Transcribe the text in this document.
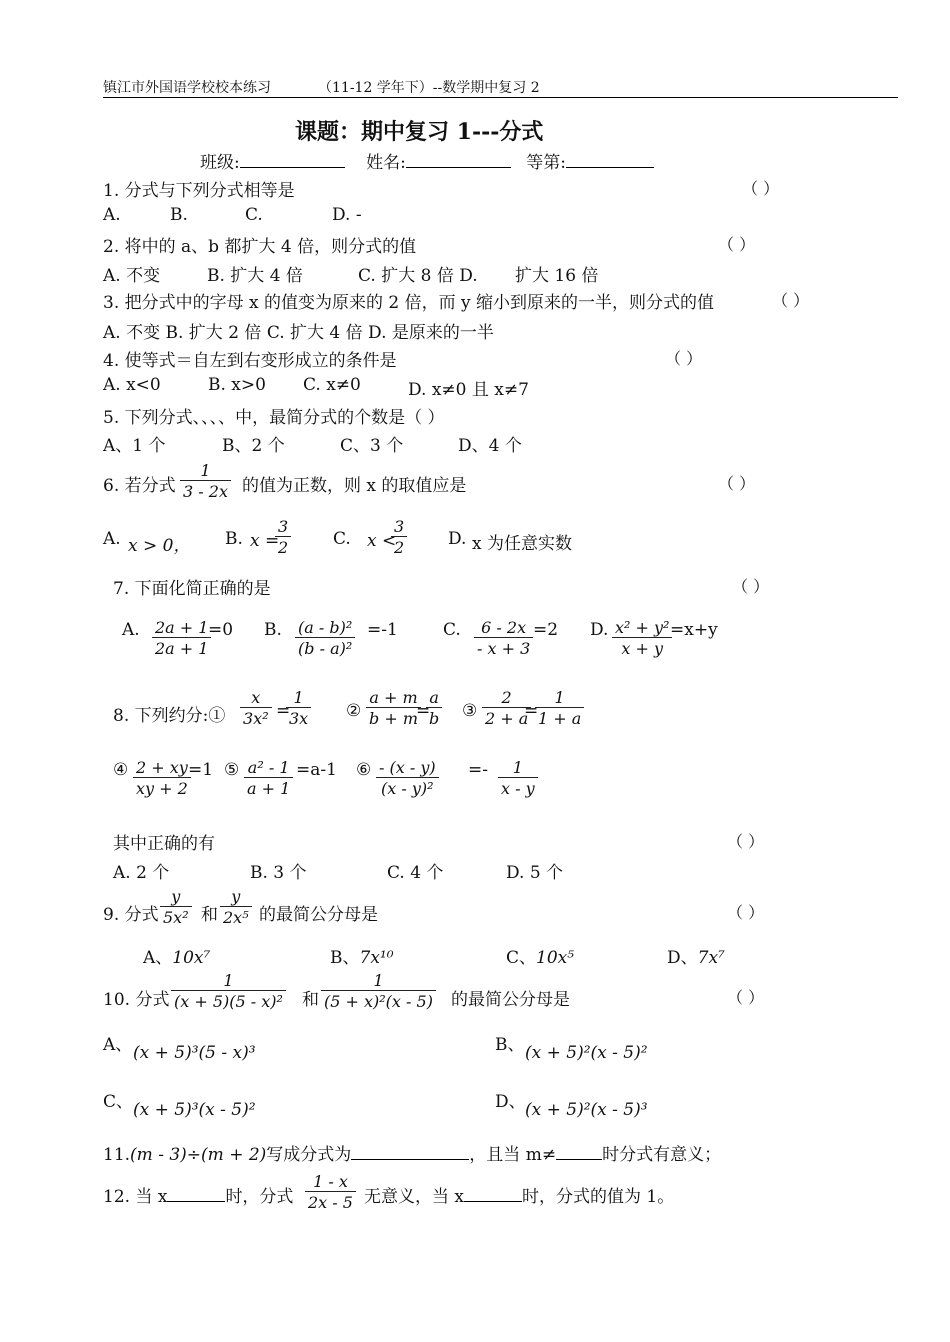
镇江市外国语学校校本练习	（11-12 学年下）--数学期中复习 2
课题：期中复习 1---分式
班级:	姓名:	等第:
1. 分式与下列分式相等是	（ ）
A.	B.	C.	D. -
2. 将中的 a、b 都扩大 4 倍，则分式的值	（ ）
A. 不变	B. 扩大 4 倍	C. 扩大 8 倍 D. 扩大 16 倍
3. 把分式中的字母 x 的值变为原来的 2 倍，而 y 缩小到原来的一半，则分式的值	（ ）
A. 不变 B. 扩大 2 倍 C. 扩大 4 倍 D. 是原来的一半
4. 使等式＝自左到右变形成立的条件是	（ ）
A. x<0	B. x>0 C. x≠0	D. x≠0 且 x≠7
5. 下列分式、、、、中，最简分式的个数是（ ）
A、1 个	B、2 个	C、3 个	D、4 个
6. 若分式
1
3 - 2x 的值为正数，则 x 的取值应是	（ ）
A. x > 0， B. x =
3
2	C. x <
3
2	D. x 为任意实数
7. 下面化简正确的是	（ ）
A. 2a + 1
2a + 1
=0 B. (a - b)²
(b - a)²
=-1	C. 6 - 2x
- x + 3
=2 D. x² + y²
x + y
=x+y
8. 下列约分:①
x
3x² =
1
3x ②
a + m
b + m
=
a
b ③
2
2 + a
=
1
1 + a
④ 2 + xy
xy + 2
=1 ⑤ a² - 1
a + 1
=a-1 ⑥ - (x - y)
(x - y)²
=- 1
x - y
其中正确的有	（ ）
A. 2 个	B. 3 个	C. 4 个	D. 5 个
9. 分式
y
5x² 和
y
2x⁵ 的最简公分母是	（ ）
A、10x⁷	B、7x¹⁰	C、10x⁵	D、7x⁷
10. 分式
1
(x + 5)(5 - x)² 和
1
(5 + x)²(x - 5) 的最简公分母是	（ ）
A、 (x + 5)³(5 - x)³	B、 (x + 5)²(x - 5)²
C、 (x + 5)³(x - 5)²	D、 (x + 5)²(x - 5)³
11.(m - 3)÷(m + 2)写成分式为	，且当 m≠	时分式有意义；
12. 当 x	时，分式
1 - x
2x - 5 无意义，当 x	时，分式的值为 1。
